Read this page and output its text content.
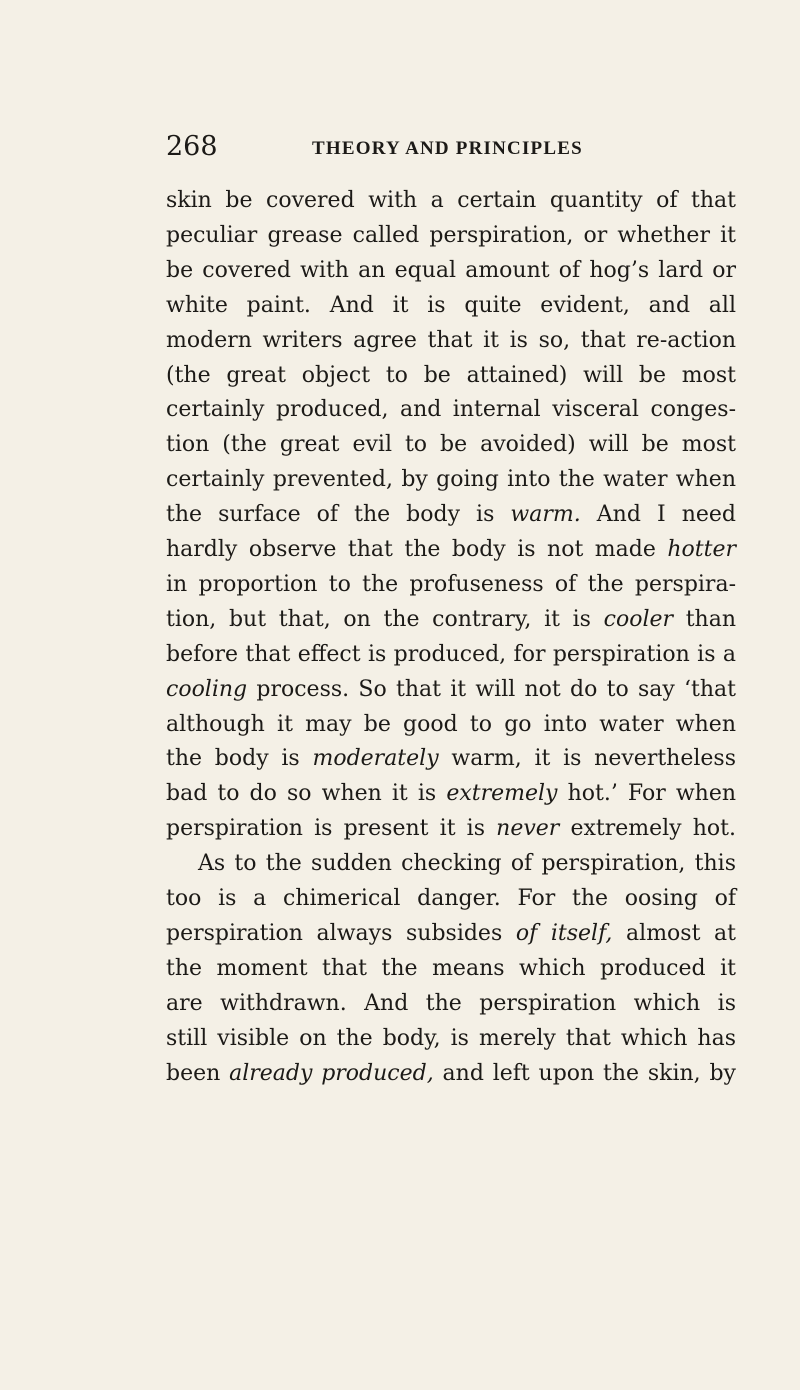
268	THEORY AND PRINCIPLES
skin be covered with a certain quantity of that
peculiar grease called perspiration, or whether it
be covered with an equal amount of hog’s lard or
white paint. And it is quite evident, and all
modern writers agree that it is so, that re-action
(the great object to be attained) will be most
certainly produced, and internal visceral conges-
tion (the great evil to be avoided) will be most
certainly prevented, by going into the water when
the surface of the body is warm. And I need
hardly observe that the body is not made hotter
in proportion to the profuseness of the perspira-
tion, but that, on the contrary, it is cooler than
before that effect is produced, for perspiration is a
cooling process. So that it will not do to say ‘that
although it may be good to go into water when
the body is moderately warm, it is nevertheless
bad to do so when it is extremely hot.’ For when
perspiration is present it is never extremely hot.
As to the sudden checking of perspiration, this
too is a chimerical danger. For the oosing of
perspiration always subsides of itself, almost at
the moment that the means which produced it
are withdrawn. And the perspiration which is
still visible on the body, is merely that which has
been already produced, and left upon the skin, by
